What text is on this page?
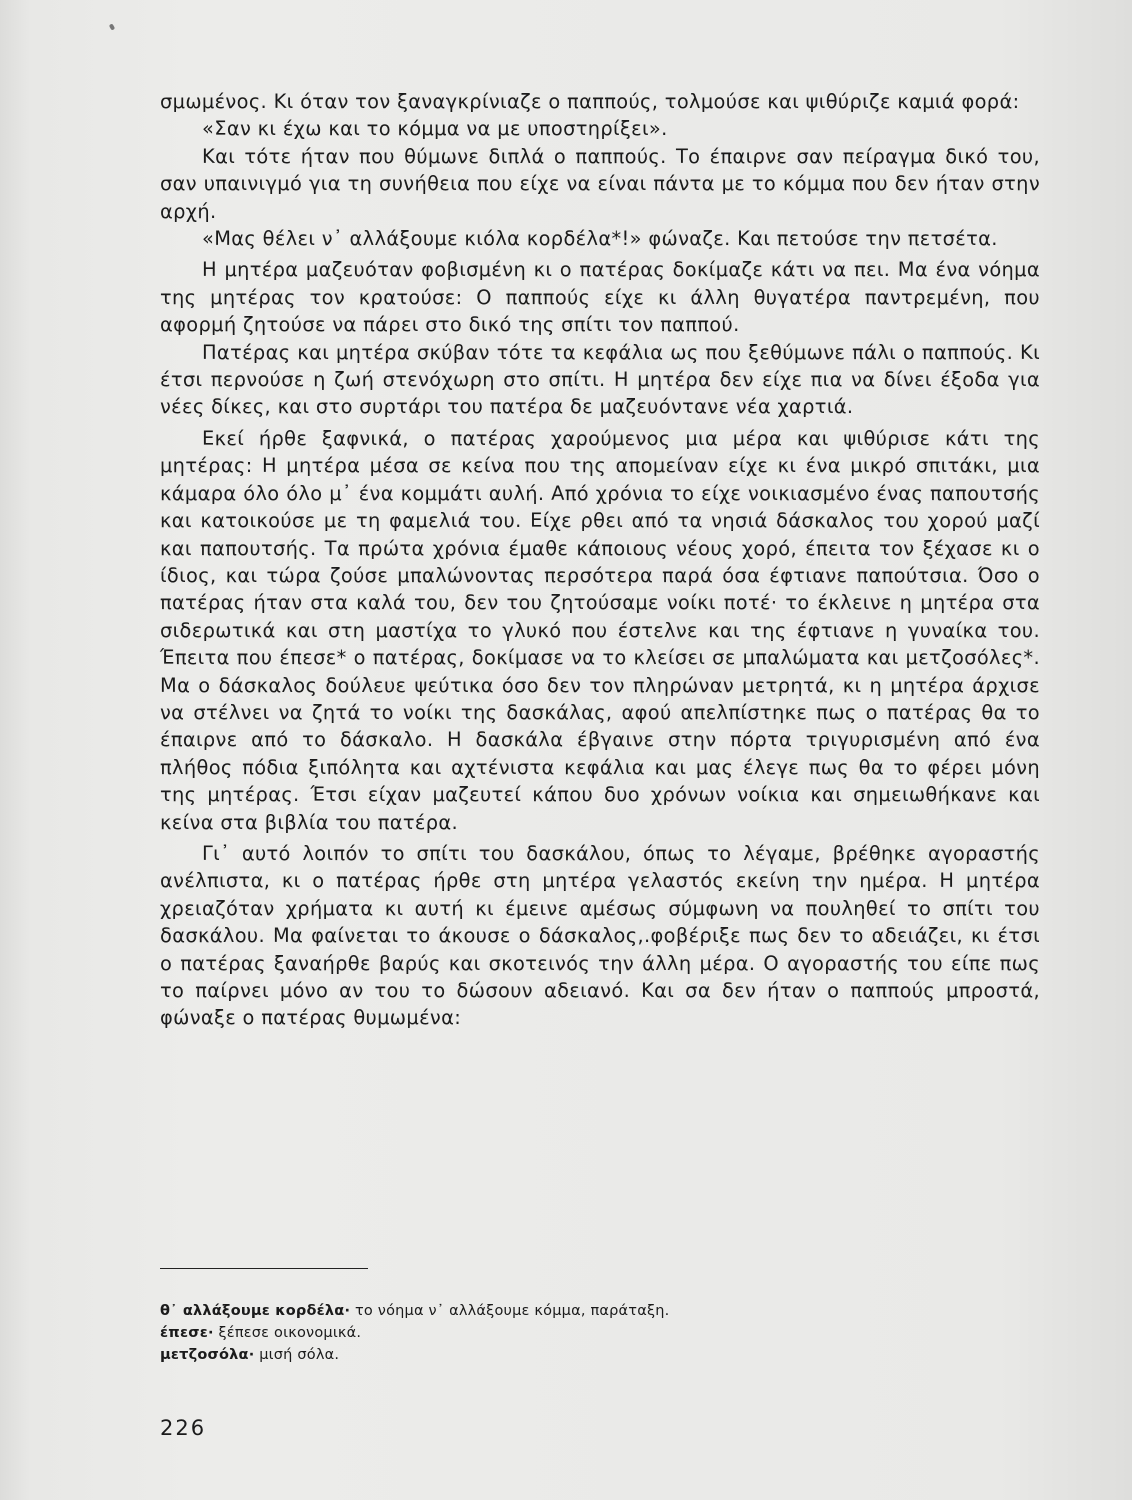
σμωμένος. Κι όταν τον ξαναγκρίνιαζε ο παππούς, τολμούσε και ψιθύριζε καμιά φορά:

«Σαν κι έχω και το κόμμα να με υποστηρίξει».

Και τότε ήταν που θύμωνε διπλά ο παππούς. Το έπαιρνε σαν πείραγμα δικό του, σαν υπαινιγμό για τη συνήθεια που είχε να είναι πάντα με το κόμμα που δεν ήταν στην αρχή.

«Μας θέλει ν᾽ αλλάξουμε κιόλα κορδέλα*!» φώναζε. Και πετούσε την πετσέτα.

Η μητέρα μαζευόταν φοβισμένη κι ο πατέρας δοκίμαζε κάτι να πει. Μα ένα νόημα της μητέρας τον κρατούσε: Ο παππούς είχε κι άλλη θυγατέρα παντρεμένη, που αφορμή ζητούσε να πάρει στο δικό της σπίτι τον παππού.

Πατέρας και μητέρα σκύβαν τότε τα κεφάλια ως που ξεθύμωνε πάλι ο παππούς. Κι έτσι περνούσε η ζωή στενόχωρη στο σπίτι. Η μητέρα δεν είχε πια να δίνει έξοδα για νέες δίκες, και στο συρτάρι του πατέρα δε μαζευόντανε νέα χαρτιά.

Εκεί ήρθε ξαφνικά, ο πατέρας χαρούμενος μια μέρα και ψιθύρισε κάτι της μητέρας: Η μητέρα μέσα σε κείνα που της απομείναν είχε κι ένα μικρό σπιτάκι, μια κάμαρα όλο όλο μ᾽ ένα κομμάτι αυλή. Από χρόνια το είχε νοικιασμένο ένας παπουτσής και κατοικούσε με τη φαμελιά του. Είχε ρθει από τα νησιά δάσκαλος του χορού μαζί και παπουτσής. Τα πρώτα χρόνια έμαθε κάποιους νέους χορό, έπειτα τον ξέχασε κι ο ίδιος, και τώρα ζούσε μπαλώνοντας περσότερα παρά όσα έφτιανε παπούτσια. Όσο ο πατέρας ήταν στα καλά του, δεν του ζητούσαμε νοίκι ποτέ· το έκλεινε η μητέρα στα σιδερωτικά και στη μαστίχα το γλυκό που έστελνε και της έφτιανε η γυναίκα του. Έπειτα που έπεσε* ο πατέρας, δοκίμασε να το κλείσει σε μπαλώματα και μετζοσόλες*. Μα ο δάσκαλος δούλευε ψεύτικα όσο δεν τον πληρώναν μετρητά, κι η μητέρα άρχισε να στέλνει να ζητά το νοίκι της δασκάλας, αφού απελπίστηκε πως ο πατέρας θα το έπαιρνε από το δάσκαλο. Η δασκάλα έβγαινε στην πόρτα τριγυρισμένη από ένα πλήθος πόδια ξιπόλητα και αχτένιστα κεφάλια και μας έλεγε πως θα το φέρει μόνη της μητέρας. Έτσι είχαν μαζευτεί κάπου δυο χρόνων νοίκια και σημειωθήκανε και κείνα στα βιβλία του πατέρα.

Γι᾽ αυτό λοιπόν το σπίτι του δασκάλου, όπως το λέγαμε, βρέθηκε αγοραστής ανέλπιστα, κι ο πατέρας ήρθε στη μητέρα γελαστός εκείνη την ημέρα. Η μητέρα χρειαζόταν χρήματα κι αυτή κι έμεινε αμέσως σύμφωνη να πουληθεί το σπίτι του δασκάλου. Μα φαίνεται το άκουσε ο δάσκαλος,.φοβέριξε πως δεν το αδειάζει, κι έτσι ο πατέρας ξαναήρθε βαρύς και σκοτεινός την άλλη μέρα. Ο αγοραστής του είπε πως το παίρνει μόνο αν του το δώσουν αδειανό. Και σα δεν ήταν ο παππούς μπροστά, φώναξε ο πατέρας θυμωμένα:

θ᾽ αλλάξουμε κορδέλα· το νόημα ν᾽ αλλάξουμε κόμμα, παράταξη.

έπεσε· ξέπεσε οικονομικά.

μετζοσόλα· μισή σόλα.

226
